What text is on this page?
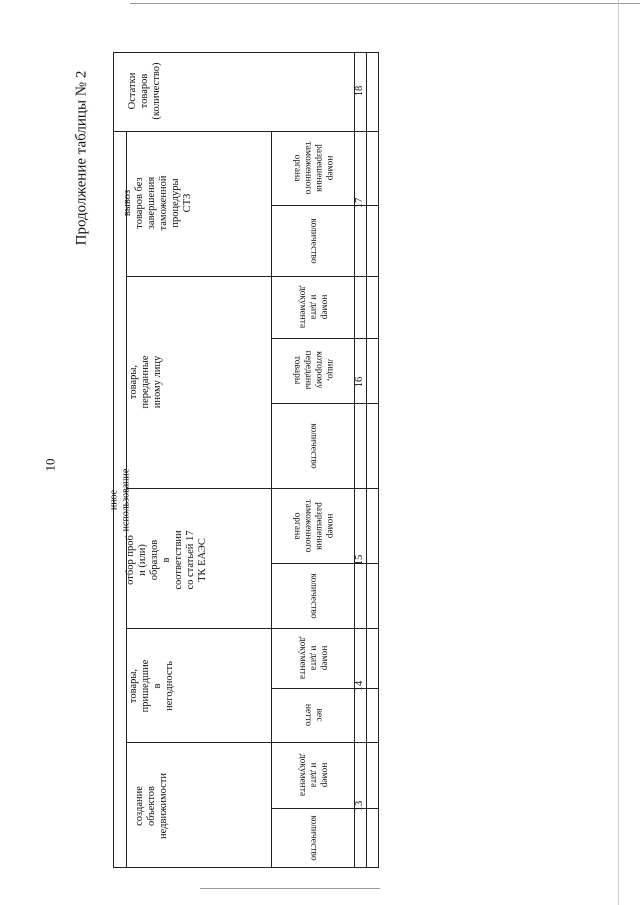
10
Продолжение таблицы № 2
иное использование
Остатки
товаров
(количество)
вывоз товаров без
завершения таможенной
процедуры СТЗ
товары, переданные иному лицу
отбор проб
и (или) образцов
в соответствии
со статьей 17 ТК ЕАЭС
товары, пришедшие в негодность
создание объектов недвижимости
номер
разрешения
таможенного
органа
количество
номер
и дата
документа
лицо, которому
переданы
товары
количество
номер
разрешения
таможенного
органа
количество
номер
и дата
документа
вес нетто
номер
и дата
документа
количество
18
17
16
15
14
13
